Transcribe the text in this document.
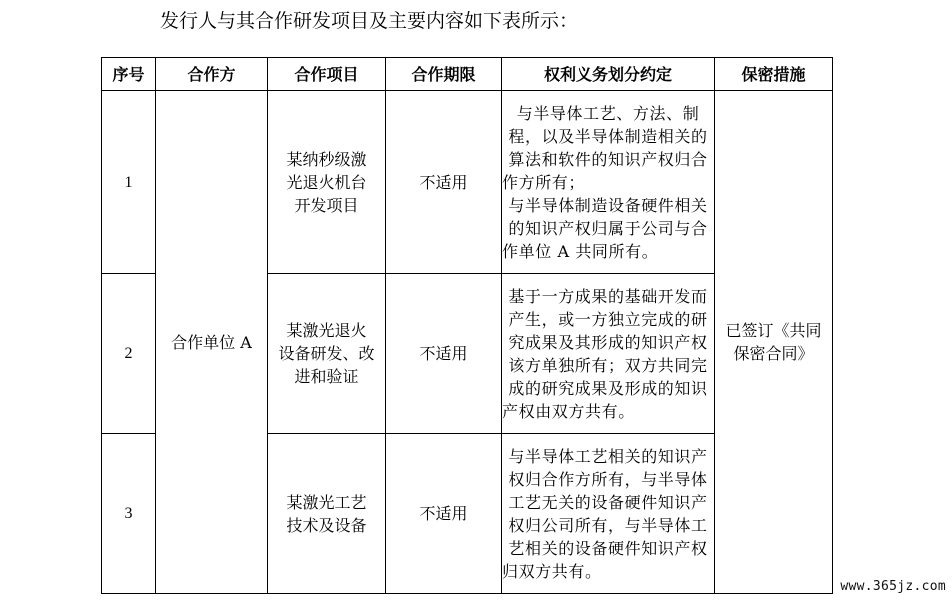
发行人与其合作研发项目及主要内容如下表所示：
序号	合作方	合作项目	合作期限	权利义务划分约定	保密措施
1	合作单位 A	某纳秒级激
光退火机台
开发项目	不适用	与半导体工艺、方法、制程，以及半导体制造相关的算法和软件的知识产权归合作方所有；
与半导体制造设备硬件相关的知识产权归属于公司与合作单位 A 共同所有。	已签订《共同保密合同》
2		某激光退火
设备研发、改
进和验证	不适用	基于一方成果的基础开发而产生，或一方独立完成的研究成果及其形成的知识产权该方单独所有；双方共同完成的研究成果及形成的知识产权由双方共有。	
3		某激光工艺
技术及设备	不适用	与半导体工艺相关的知识产权归合作方所有，与半导体工艺无关的设备硬件知识产权归公司所有，与半导体工艺相关的设备硬件知识产权归双方共有。	
www.365jz.com
